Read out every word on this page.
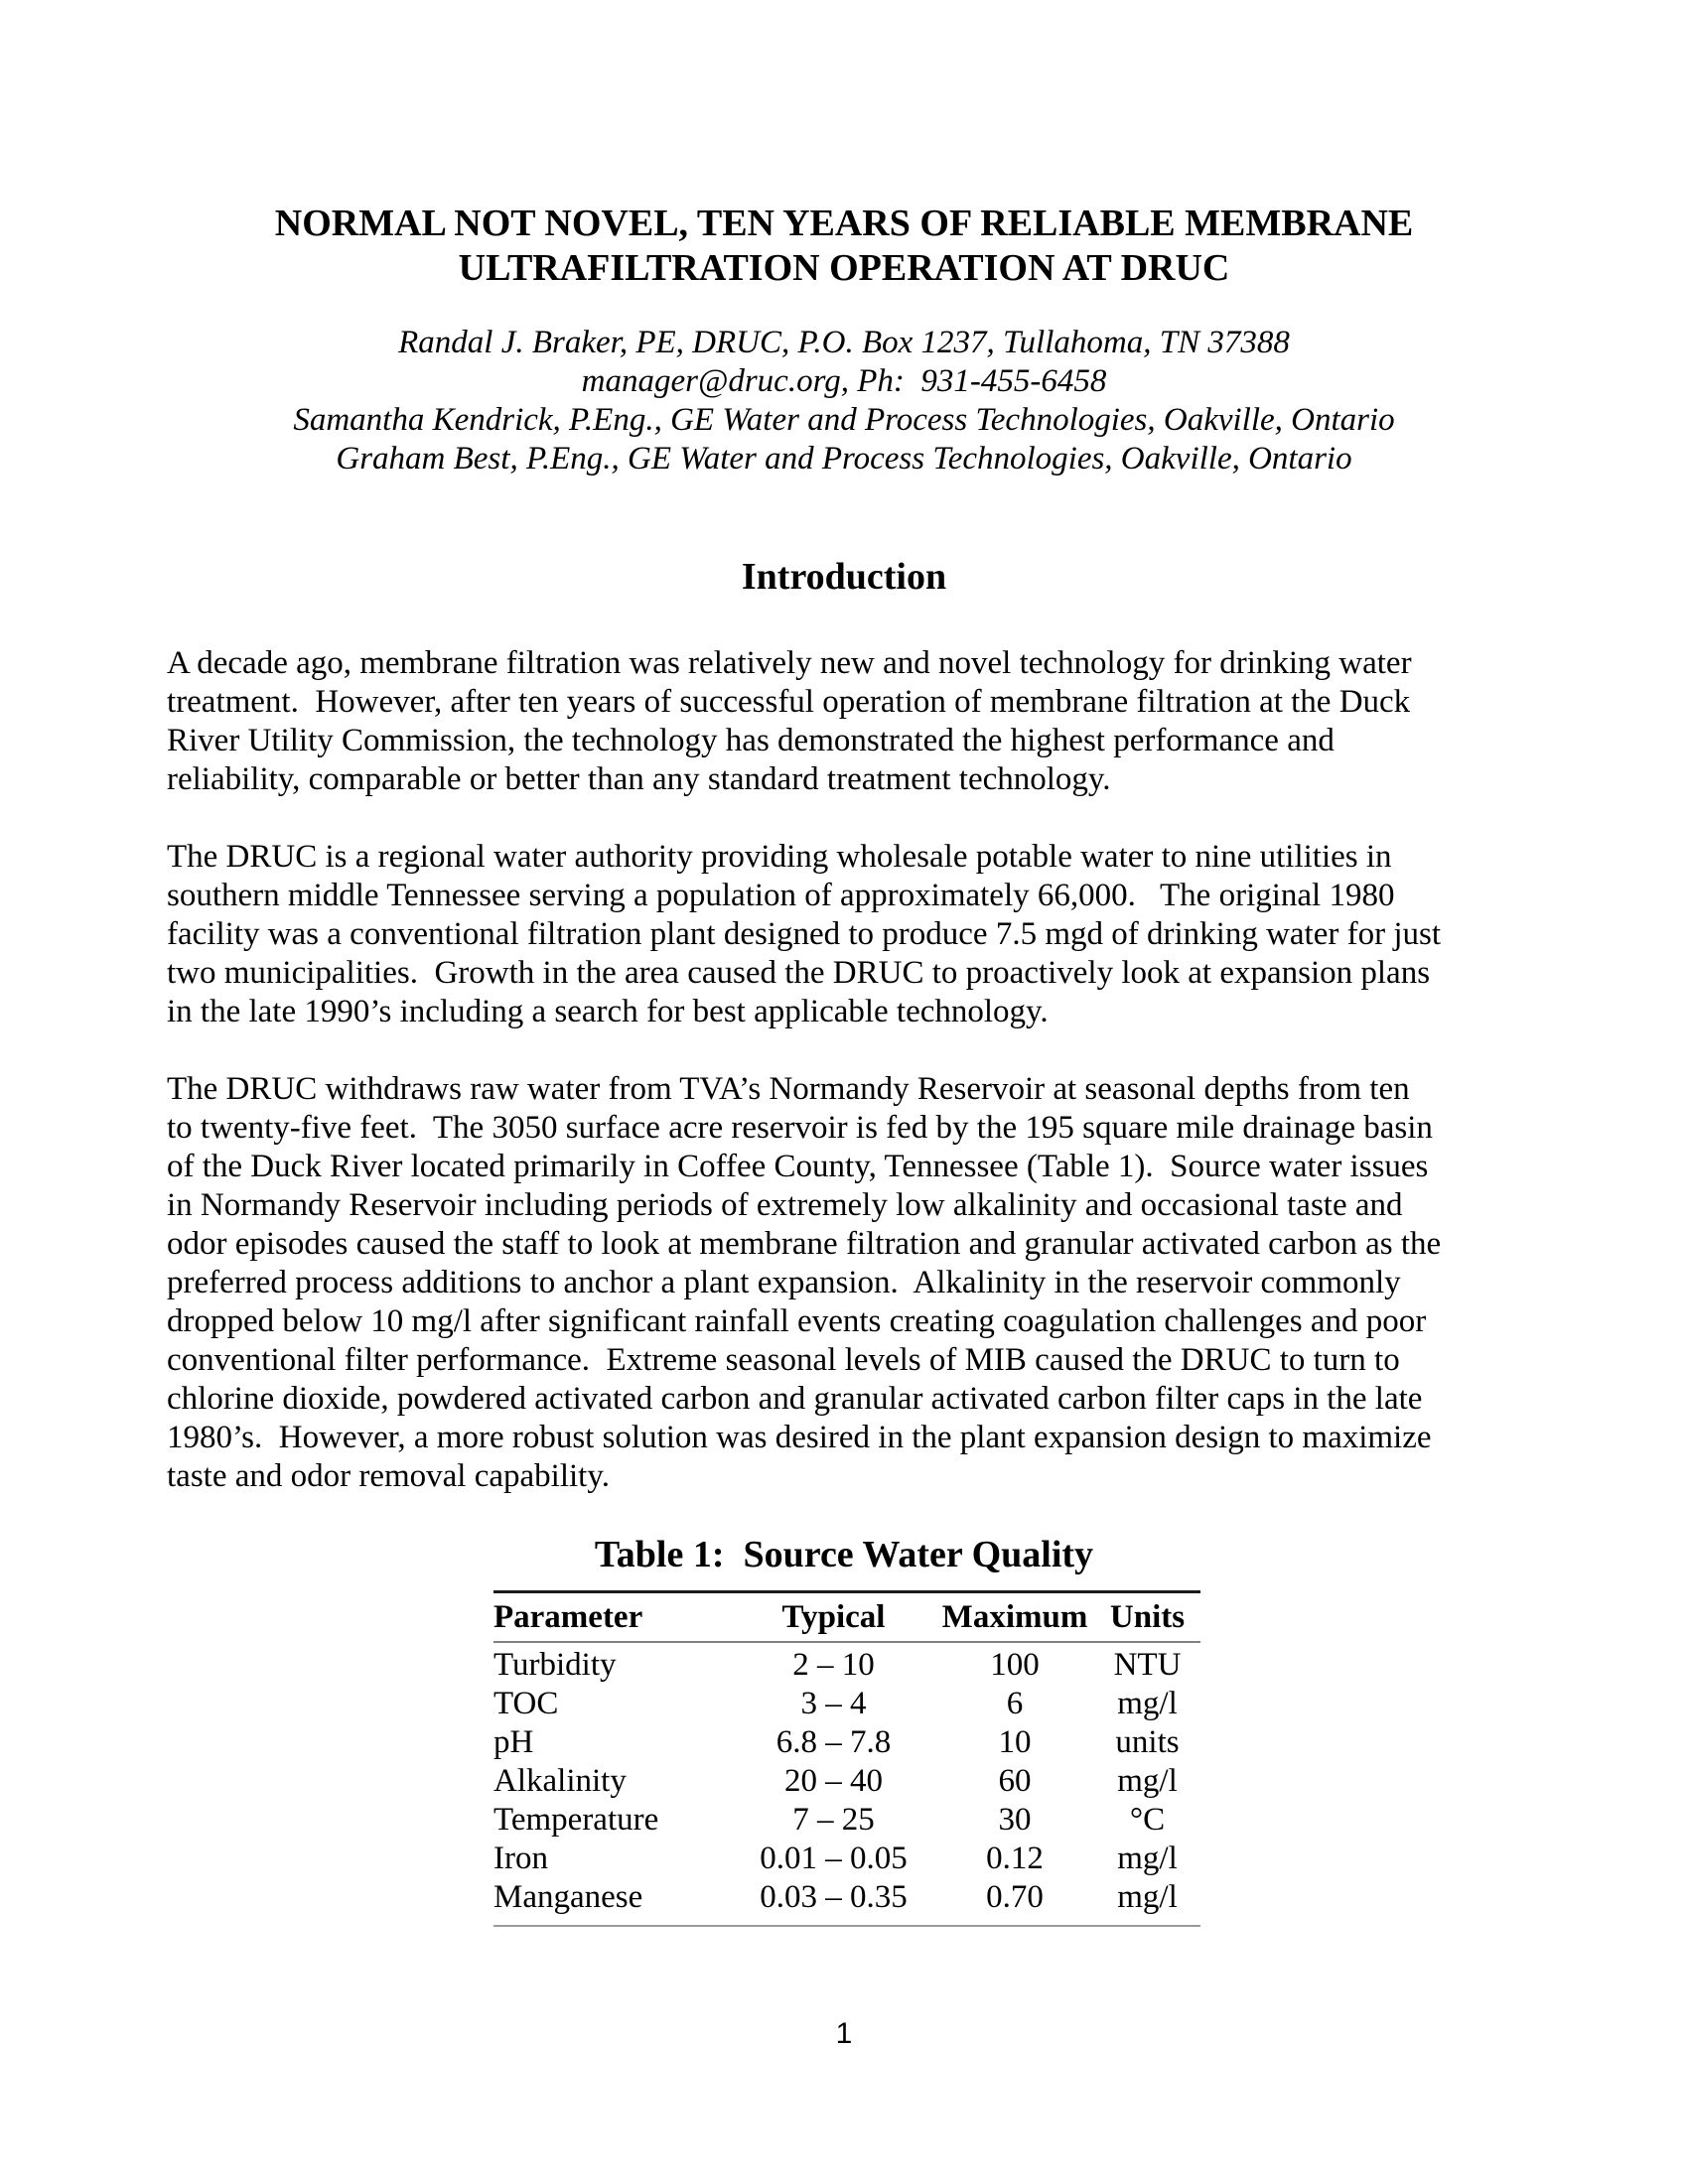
NORMAL NOT NOVEL, TEN YEARS OF RELIABLE MEMBRANE
ULTRAFILTRATION OPERATION AT DRUC
Randal J. Braker, PE, DRUC, P.O. Box 1237, Tullahoma, TN 37388
manager@druc.org, Ph:  931-455-6458
Samantha Kendrick, P.Eng., GE Water and Process Technologies, Oakville, Ontario
Graham Best, P.Eng., GE Water and Process Technologies, Oakville, Ontario
Introduction
A decade ago, membrane filtration was relatively new and novel technology for drinking water
treatment.  However, after ten years of successful operation of membrane filtration at the Duck
River Utility Commission, the technology has demonstrated the highest performance and
reliability, comparable or better than any standard treatment technology.
The DRUC is a regional water authority providing wholesale potable water to nine utilities in
southern middle Tennessee serving a population of approximately 66,000.   The original 1980
facility was a conventional filtration plant designed to produce 7.5 mgd of drinking water for just
two municipalities.  Growth in the area caused the DRUC to proactively look at expansion plans
in the late 1990’s including a search for best applicable technology.
The DRUC withdraws raw water from TVA’s Normandy Reservoir at seasonal depths from ten
to twenty-five feet.  The 3050 surface acre reservoir is fed by the 195 square mile drainage basin
of the Duck River located primarily in Coffee County, Tennessee (Table 1).  Source water issues
in Normandy Reservoir including periods of extremely low alkalinity and occasional taste and
odor episodes caused the staff to look at membrane filtration and granular activated carbon as the
preferred process additions to anchor a plant expansion.  Alkalinity in the reservoir commonly
dropped below 10 mg/l after significant rainfall events creating coagulation challenges and poor
conventional filter performance.  Extreme seasonal levels of MIB caused the DRUC to turn to
chlorine dioxide, powdered activated carbon and granular activated carbon filter caps in the late
1980’s.  However, a more robust solution was desired in the plant expansion design to maximize
taste and odor removal capability.
Table 1:  Source Water Quality
Parameter	Typical	Maximum	Units
Turbidity	2 – 10	100	NTU
TOC	3 – 4	6	mg/l
pH	6.8 – 7.8	10	units
Alkalinity	20 – 40	60	mg/l
Temperature	7 – 25	30	°C
Iron	0.01 – 0.05	0.12	mg/l
Manganese	0.03 – 0.35	0.70	mg/l
1
